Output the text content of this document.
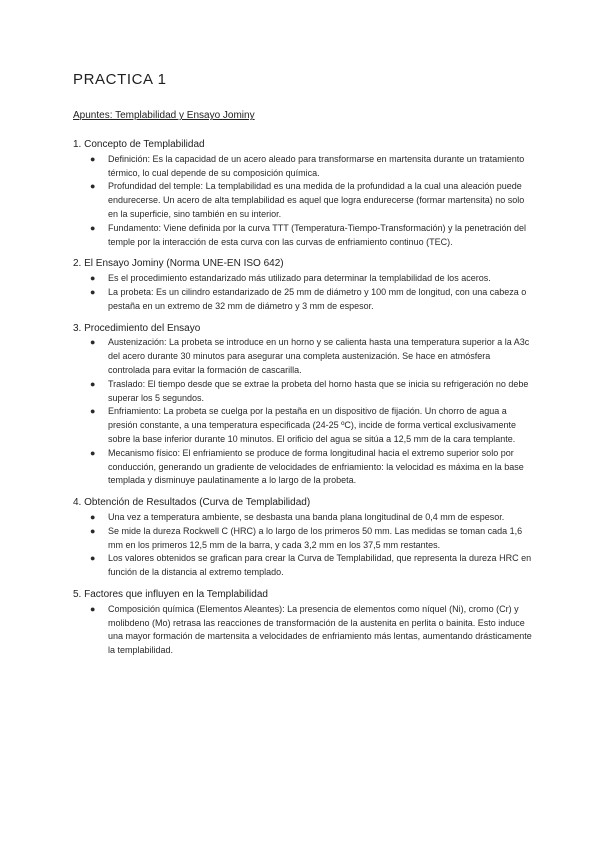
PRACTICA 1

Apuntes: Templabilidad y Ensayo Jominy

1. Concepto de Templabilidad
● Definición: Es la capacidad de un acero aleado para transformarse en martensita durante un tratamiento térmico, lo cual depende de su composición química.
● Profundidad del temple: La templabilidad es una medida de la profundidad a la cual una aleación puede endurecerse. Un acero de alta templabilidad es aquel que logra endurecerse (formar martensita) no solo en la superficie, sino también en su interior.
● Fundamento: Viene definida por la curva TTT (Temperatura-Tiempo-Transformación) y la penetración del temple por la interacción de esta curva con las curvas de enfriamiento continuo (TEC).
2. El Ensayo Jominy (Norma UNE-EN ISO 642)
● Es el procedimiento estandarizado más utilizado para determinar la templabilidad de los aceros.
● La probeta: Es un cilindro estandarizado de 25 mm de diámetro y 100 mm de longitud, con una cabeza o pestaña en un extremo de 32 mm de diámetro y 3 mm de espesor.
3. Procedimiento del Ensayo
● Austenización: La probeta se introduce en un horno y se calienta hasta una temperatura superior a la A3c del acero durante 30 minutos para asegurar una completa austenización. Se hace en atmósfera controlada para evitar la formación de cascarilla.
● Traslado: El tiempo desde que se extrae la probeta del horno hasta que se inicia su refrigeración no debe superar los 5 segundos.
● Enfriamiento: La probeta se cuelga por la pestaña en un dispositivo de fijación. Un chorro de agua a presión constante, a una temperatura especificada (24-25 ºC), incide de forma vertical exclusivamente sobre la base inferior durante 10 minutos. El orificio del agua se sitúa a 12,5 mm de la cara templante.
● Mecanismo físico: El enfriamiento se produce de forma longitudinal hacia el extremo superior solo por conducción, generando un gradiente de velocidades de enfriamiento: la velocidad es máxima en la base templada y disminuye paulatinamente a lo largo de la probeta.
4. Obtención de Resultados (Curva de Templabilidad)
● Una vez a temperatura ambiente, se desbasta una banda plana longitudinal de 0,4 mm de espesor.
● Se mide la dureza Rockwell C (HRC) a lo largo de los primeros 50 mm. Las medidas se toman cada 1,6 mm en los primeros 12,5 mm de la barra, y cada 3,2 mm en los 37,5 mm restantes.
● Los valores obtenidos se grafican para crear la Curva de Templabilidad, que representa la dureza HRC en función de la distancia al extremo templado.
5. Factores que influyen en la Templabilidad
● Composición química (Elementos Aleantes): La presencia de elementos como níquel (Ni), cromo (Cr) y molibdeno (Mo) retrasa las reacciones de transformación de la austenita en perlita o bainita. Esto induce una mayor formación de martensita a velocidades de enfriamiento más lentas, aumentando drásticamente la templabilidad.
